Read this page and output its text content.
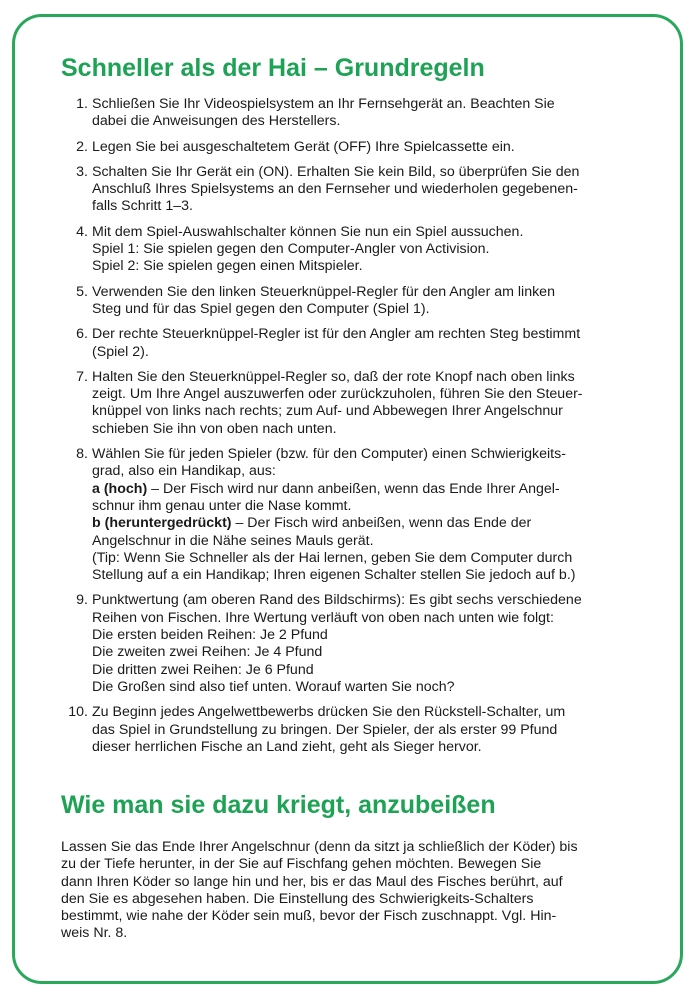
Schneller als der Hai – Grundregeln
1. Schließen Sie Ihr Videospielsystem an Ihr Fernsehgerät an. Beachten Sie
dabei die Anweisungen des Herstellers.
2. Legen Sie bei ausgeschaltetem Gerät (OFF) Ihre Spielcassette ein.
3. Schalten Sie Ihr Gerät ein (ON). Erhalten Sie kein Bild, so überprüfen Sie den
Anschluß Ihres Spielsystems an den Fernseher und wiederholen gegebenen-
falls Schritt 1–3.
4. Mit dem Spiel-Auswahlschalter können Sie nun ein Spiel aussuchen.
Spiel 1: Sie spielen gegen den Computer-Angler von Activision.
Spiel 2: Sie spielen gegen einen Mitspieler.
5. Verwenden Sie den linken Steuerknüppel-Regler für den Angler am linken
Steg und für das Spiel gegen den Computer (Spiel 1).
6. Der rechte Steuerknüppel-Regler ist für den Angler am rechten Steg bestimmt
(Spiel 2).
7. Halten Sie den Steuerknüppel-Regler so, daß der rote Knopf nach oben links
zeigt. Um Ihre Angel auszuwerfen oder zurückzuholen, führen Sie den Steuer-
knüppel von links nach rechts; zum Auf- und Abbewegen Ihrer Angelschnur
schieben Sie ihn von oben nach unten.
8. Wählen Sie für jeden Spieler (bzw. für den Computer) einen Schwierigkeits-
grad, also ein Handikap, aus:
a (hoch) – Der Fisch wird nur dann anbeißen, wenn das Ende Ihrer Angel-
schnur ihm genau unter die Nase kommt.
b (heruntergedrückt) – Der Fisch wird anbeißen, wenn das Ende der
Angelschnur in die Nähe seines Mauls gerät.
(Tip: Wenn Sie Schneller als der Hai lernen, geben Sie dem Computer durch
Stellung auf a ein Handikap; Ihren eigenen Schalter stellen Sie jedoch auf b.)
9. Punktwertung (am oberen Rand des Bildschirms): Es gibt sechs verschiedene
Reihen von Fischen. Ihre Wertung verläuft von oben nach unten wie folgt:
Die ersten beiden Reihen: Je 2 Pfund
Die zweiten zwei Reihen: Je 4 Pfund
Die dritten zwei Reihen: Je 6 Pfund
Die Großen sind also tief unten. Worauf warten Sie noch?
10. Zu Beginn jedes Angelwettbewerbs drücken Sie den Rückstell-Schalter, um
das Spiel in Grundstellung zu bringen. Der Spieler, der als erster 99 Pfund
dieser herrlichen Fische an Land zieht, geht als Sieger hervor.
Wie man sie dazu kriegt, anzubeißen

Lassen Sie das Ende Ihrer Angelschnur (denn da sitzt ja schließlich der Köder) bis
zu der Tiefe herunter, in der Sie auf Fischfang gehen möchten. Bewegen Sie
dann Ihren Köder so lange hin und her, bis er das Maul des Fisches berührt, auf
den Sie es abgesehen haben. Die Einstellung des Schwierigkeits-Schalters
bestimmt, wie nahe der Köder sein muß, bevor der Fisch zuschnappt. Vgl. Hin-
weis Nr. 8.
